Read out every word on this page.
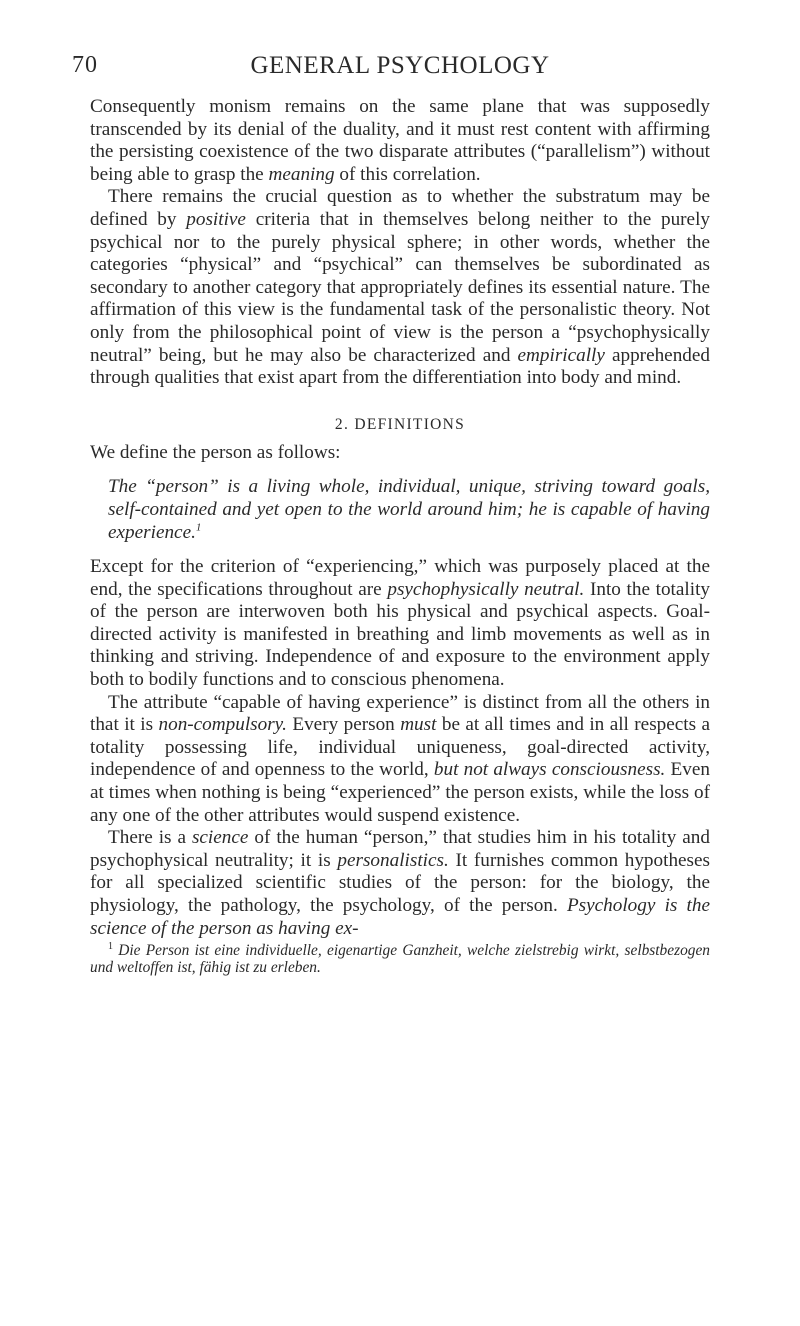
70	GENERAL PSYCHOLOGY

Consequently monism remains on the same plane that was supposedly transcended by its denial of the duality, and it must rest content with affirming the persisting coexistence of the two disparate attributes (“parallelism”) without being able to grasp the meaning of this correlation.

There remains the crucial question as to whether the substratum may be defined by positive criteria that in themselves belong neither to the purely psychical nor to the purely physical sphere; in other words, whether the categories “physical” and “psychical” can themselves be subordinated as secondary to another category that appropriately defines its essential nature. The affirmation of this view is the fundamental task of the personalistic theory. Not only from the philosophical point of view is the person a “psychophysically neutral” being, but he may also be characterized and empirically apprehended through qualities that exist apart from the differentiation into body and mind.

2. DEFINITIONS

We define the person as follows:

The “person” is a living whole, individual, unique, striving toward goals, self-contained and yet open to the world around him; he is capable of having experience.$^1$

Except for the criterion of “experiencing,” which was purposely placed at the end, the specifications throughout are psychophysically neutral. Into the totality of the person are interwoven both his physical and psychical aspects. Goal-directed activity is manifested in breathing and limb movements as well as in thinking and striving. Independence of and exposure to the environment apply both to bodily functions and to conscious phenomena.

The attribute “capable of having experience” is distinct from all the others in that it is non-compulsory. Every person must be at all times and in all respects a totality possessing life, individual uniqueness, goal-directed activity, independence of and openness to the world, but not always consciousness. Even at times when nothing is being “experienced” the person exists, while the loss of any one of the other attributes would suspend existence.

There is a science of the human “person,” that studies him in his totality and psychophysical neutrality; it is personalistics. It furnishes common hypotheses for all specialized scientific studies of the person: for the biology, the physiology, the pathology, the psychology, of the person. Psychology is the science of the person as having ex-

$^1$ Die Person ist eine individuelle, eigenartige Ganzheit, welche zielstrebig wirkt, selbstbezogen und weltoffen ist, fähig ist zu erleben.
